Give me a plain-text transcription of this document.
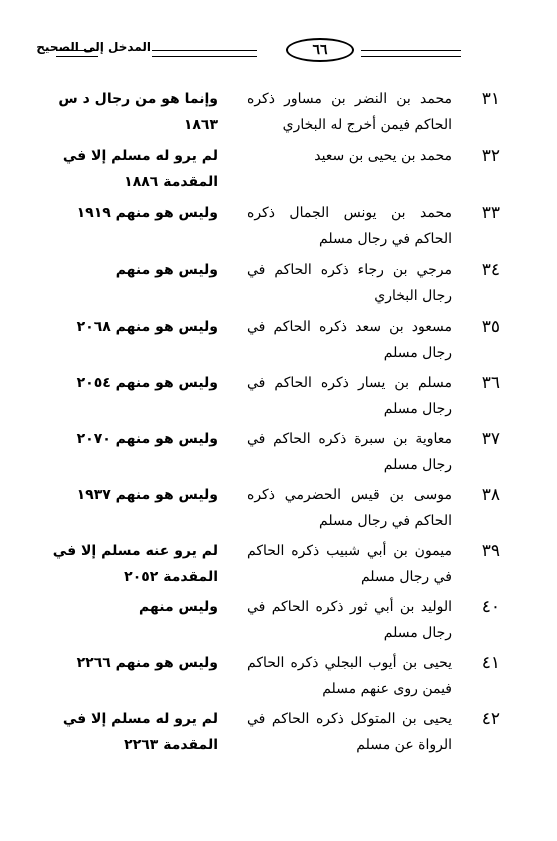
المدخل إلى الصحيح	٦٦
٣١
محمد بن النضر بن مساور ذكره الحاكم فيمن أخرج له البخاري
وإنما هو من رجال د س ١٨٦٣
٣٢
محمد بن يحيى بن سعيد
لم يرو له مسلم إلا في المقدمة ١٨٨٦
٣٣
محمد بن يونس الجمال ذكره الحاكم في رجال مسلم
وليس هو منهم ١٩١٩
٣٤
مرجي بن رجاء ذكره الحاكم في رجال البخاري
وليس هو منهم
٣٥
مسعود بن سعد ذكره الحاكم في رجال مسلم
وليس هو منهم ٢٠٦٨
٣٦
مسلم بن يسار ذكره الحاكم في رجال مسلم
وليس هو منهم ٢٠٥٤
٣٧
معاوية بن سبرة ذكره الحاكم في رجال مسلم
وليس هو منهم ٢٠٧٠
٣٨
موسى بن قيس الحضرمي ذكره الحاكم في رجال مسلم
وليس هو منهم ١٩٣٧
٣٩
ميمون بن أبي شبيب ذكره الحاكم في رجال مسلم
لم يرو عنه مسلم إلا في المقدمة ٢٠٥٢
٤٠
الوليد بن أبي ثور ذكره الحاكم في رجال مسلم
وليس منهم
٤١
يحيى بن أيوب البجلي ذكره الحاكم فيمن روى عنهم مسلم
وليس هو منهم ٢٢٦٦
٤٢
يحيى بن المتوكل ذكره الحاكم في الرواة عن مسلم
لم يرو له مسلم إلا في المقدمة ٢٢٦٣
